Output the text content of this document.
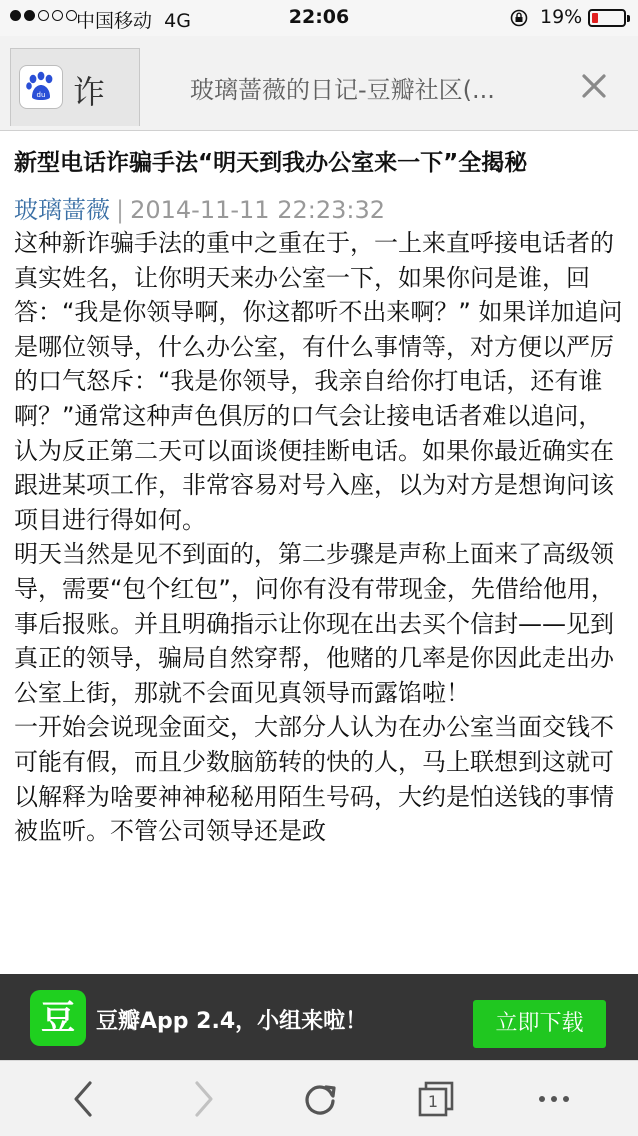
中国移动 4G	22:06	19%
du 诈	玻璃蔷薇的日记-豆瓣社区(...
新型电话诈骗手法“明天到我办公室来一下”全揭秘
玻璃蔷薇 | 2014-11-11 22:23:32

这种新诈骗手法的重中之重在于，一上来直呼接电话者的真实姓名，让你明天来办公室一下，如果你问是谁，回答：“我是你领导啊，你这都听不出来啊？” 如果详加追问是哪位领导，什么办公室，有什么事情等，对方便以严厉的口气怒斥：“我是你领导，我亲自给你打电话，还有谁啊？”通常这种声色俱厉的口气会让接电话者难以追问，认为反正第二天可以面谈便挂断电话。如果你最近确实在跟进某项工作，非常容易对号入座，以为对方是想询问该项目进行得如何。

明天当然是见不到面的，第二步骤是声称上面来了高级领导，需要“包个红包”，问你有没有带现金，先借给他用，事后报账。并且明确指示让你现在出去买个信封——见到真正的领导，骗局自然穿帮，他赌的几率是你因此走出办公室上街，那就不会面见真领导而露馅啦！

一开始会说现金面交，大部分人认为在办公室当面交钱不可能有假，而且少数脑筋转的快的人，马上联想到这就可以解释为啥要神神秘秘用陌生号码，大约是怕送钱的事情被监听。不管公司领导还是政

豆 豆瓣App 2.4，小组来啦！	立即下载
1
